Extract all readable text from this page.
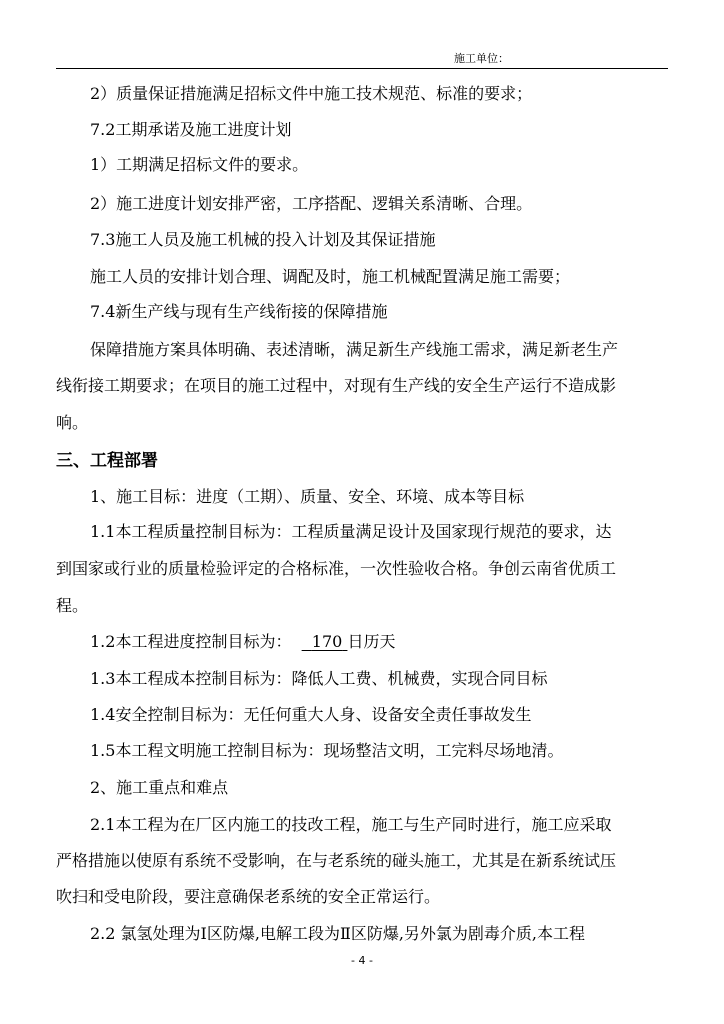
施工单位：
2）质量保证措施满足招标文件中施工技术规范、标准的要求；
7.2工期承诺及施工进度计划
1）工期满足招标文件的要求。
2）施工进度计划安排严密，工序搭配、逻辑关系清晰、合理。
7.3施工人员及施工机械的投入计划及其保证措施
施工人员的安排计划合理、调配及时，施工机械配置满足施工需要；
7.4新生产线与现有生产线衔接的保障措施
保障措施方案具体明确、表述清晰，满足新生产线施工需求，满足新老生产
线衔接工期要求；在项目的施工过程中，对现有生产线的安全生产运行不造成影
响。
三、工程部署
1、施工目标：进度（工期）、质量、安全、环境、成本等目标
1.1本工程质量控制目标为：工程质量满足设计及国家现行规范的要求，达
到国家或行业的质量检验评定的合格标准，一次性验收合格。争创云南省优质工
程。
1.2本工程进度控制目标为： 170 日历天
1.3本工程成本控制目标为：降低人工费、机械费，实现合同目标
1.4安全控制目标为：无任何重大人身、设备安全责任事故发生
1.5本工程文明施工控制目标为：现场整洁文明，工完料尽场地清。
2、施工重点和难点
2.1本工程为在厂区内施工的技改工程，施工与生产同时进行，施工应采取
严格措施以使原有系统不受影响，在与老系统的碰头施工，尤其是在新系统试压
吹扫和受电阶段，要注意确保老系统的安全正常运行。
2.2 氯氢处理为Ⅰ区防爆,电解工段为Ⅱ区防爆,另外氯为剧毒介质,本工程
- 4 -
